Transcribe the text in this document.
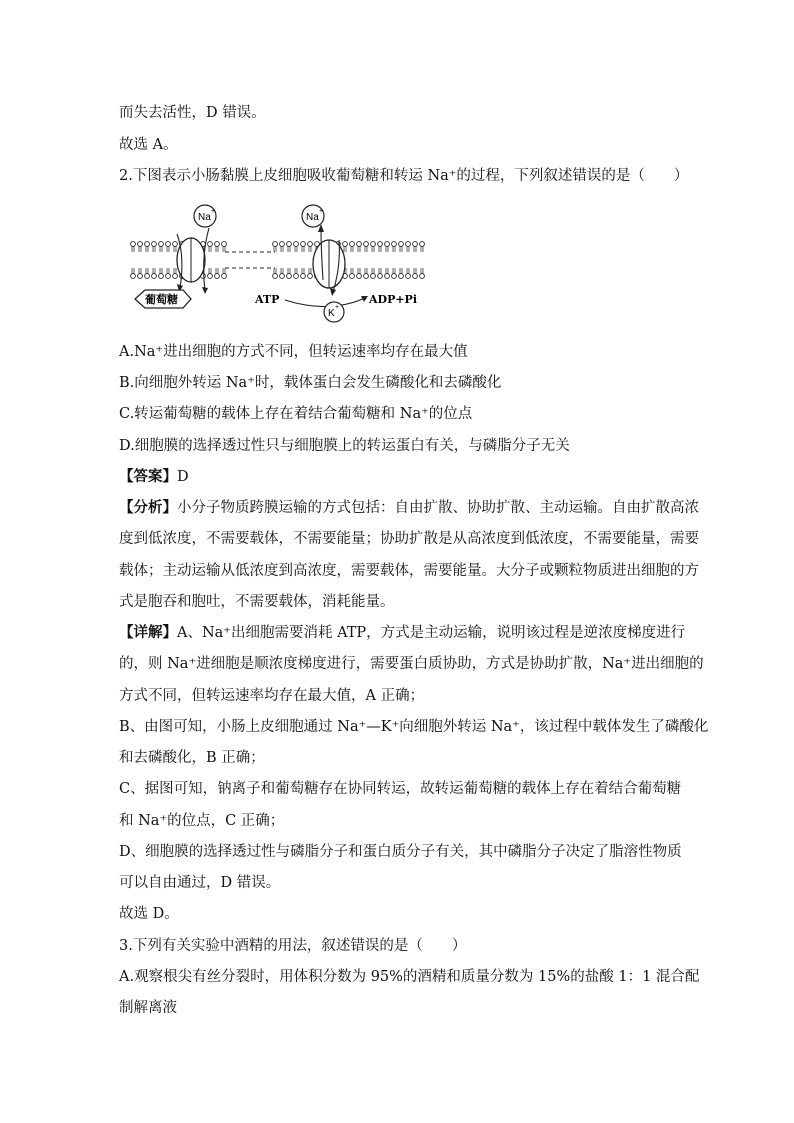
而失去活性，D 错误。
故选 A。
2.下图表示小肠黏膜上皮细胞吸收葡萄糖和转运 Na⁺的过程，下列叙述错误的是（　　）
Na
+
葡萄糖
Na
+
ATP	ADP+Pi
K
+
A.Na⁺进出细胞的方式不同，但转运速率均存在最大值
B.向细胞外转运 Na⁺时，载体蛋白会发生磷酸化和去磷酸化
C.转运葡萄糖的载体上存在着结合葡萄糖和 Na⁺的位点
D.细胞膜的选择透过性只与细胞膜上的转运蛋白有关，与磷脂分子无关
【答案】D
【分析】小分子物质跨膜运输的方式包括：自由扩散、协助扩散、主动运输。自由扩散高浓
度到低浓度，不需要载体，不需要能量；协助扩散是从高浓度到低浓度，不需要能量，需要
载体；主动运输从低浓度到高浓度，需要载体，需要能量。大分子或颗粒物质进出细胞的方
式是胞吞和胞吐，不需要载体，消耗能量。
【详解】A、Na⁺出细胞需要消耗 ATP，方式是主动运输，说明该过程是逆浓度梯度进行
的，则 Na⁺进细胞是顺浓度梯度进行，需要蛋白质协助，方式是协助扩散，Na⁺进出细胞的
方式不同，但转运速率均存在最大值，A 正确；
B、由图可知，小肠上皮细胞通过 Na⁺—K⁺向细胞外转运 Na⁺，该过程中载体发生了磷酸化
和去磷酸化，B 正确；
C、据图可知，钠离子和葡萄糖存在协同转运，故转运葡萄糖的载体上存在着结合葡萄糖
和 Na⁺的位点，C 正确；
D、细胞膜的选择透过性与磷脂分子和蛋白质分子有关，其中磷脂分子决定了脂溶性物质
可以自由通过，D 错误。
故选 D。
3.下列有关实验中酒精的用法，叙述错误的是（　　）
A.观察根尖有丝分裂时，用体积分数为 95%的酒精和质量分数为 15%的盐酸 1：1 混合配
制解离液
